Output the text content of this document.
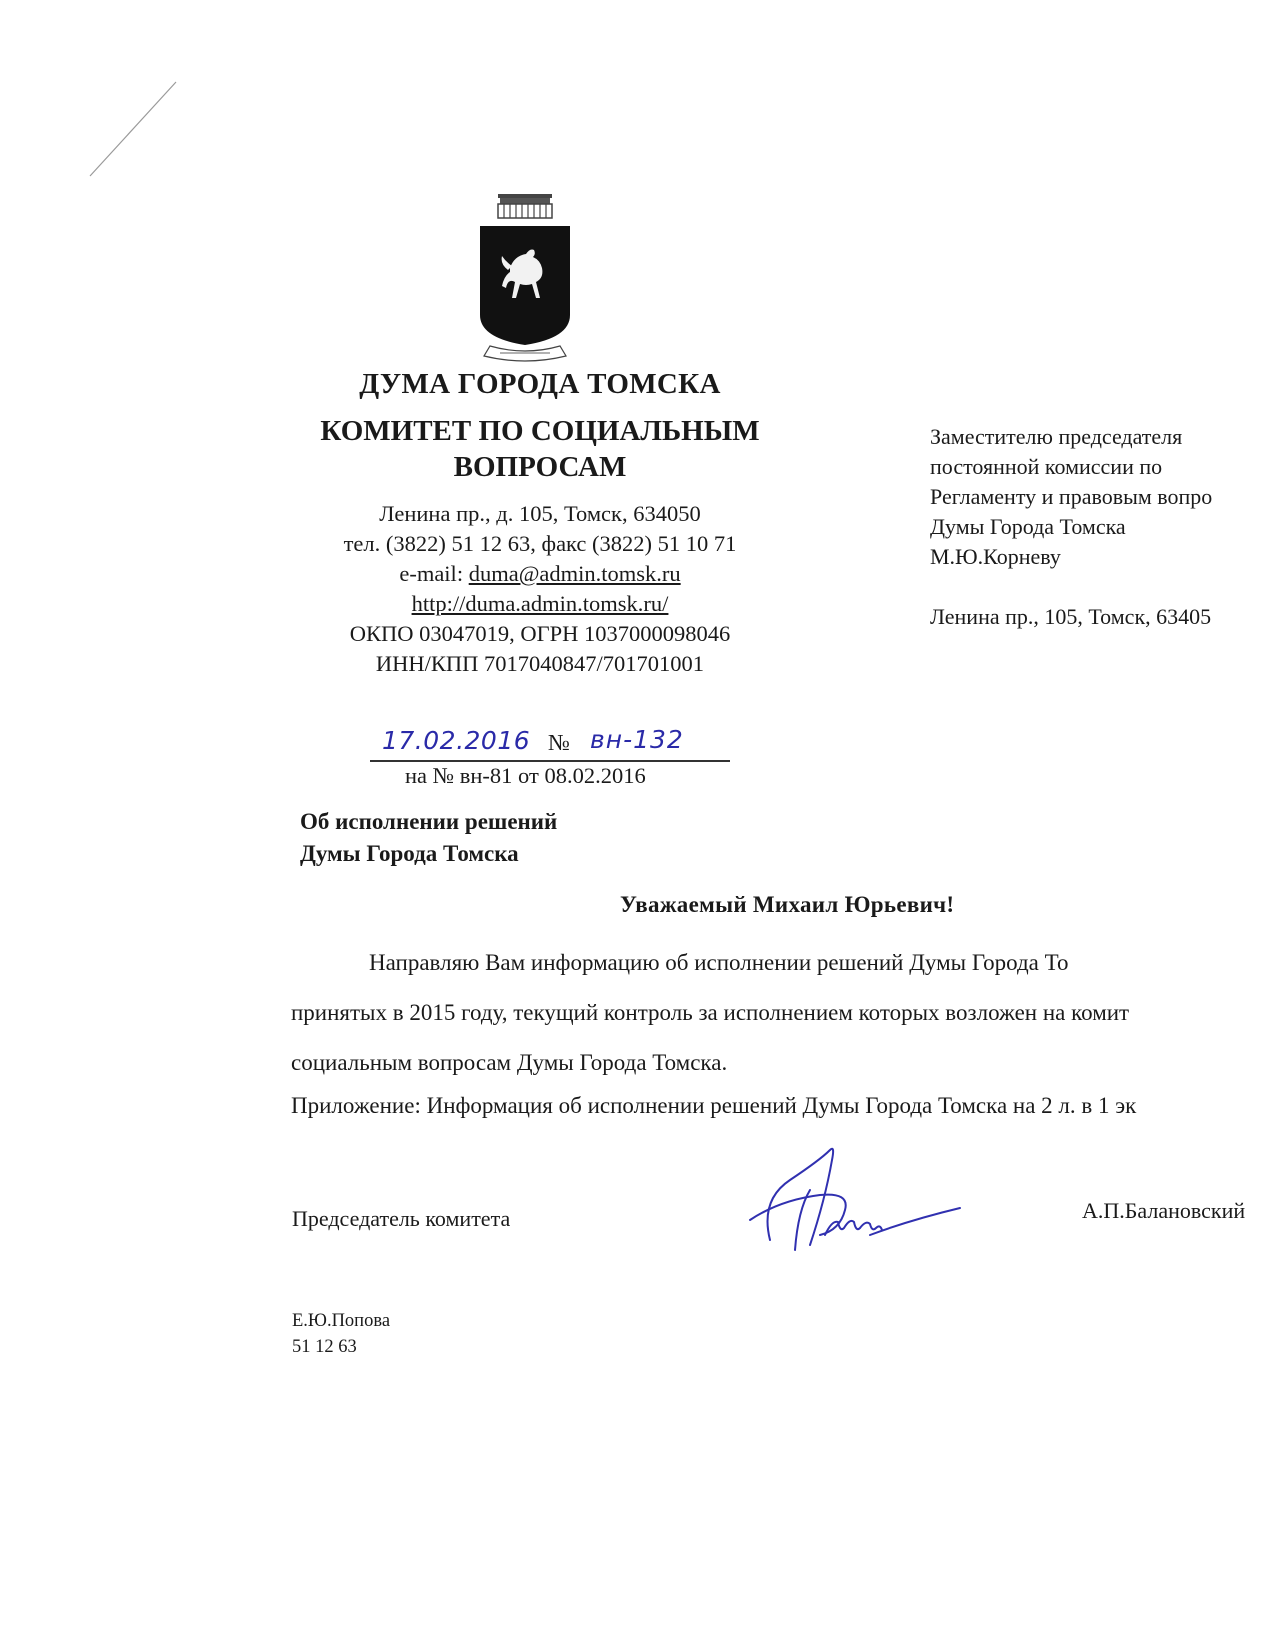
ДУМА ГОРОДА ТОМСКА
КОМИТЕТ ПО СОЦИАЛЬНЫМ
ВОПРОСАМ
Ленина пр., д. 105, Томск, 634050
тел. (3822) 51 12 63, факс (3822) 51 10 71
e-mail: duma@admin.tomsk.ru
http://duma.admin.tomsk.ru/
ОКПО 03047019, ОГРН 1037000098046
ИНН/КПП 7017040847/701701001
Заместителю председателя
постоянной комиссии по
Регламенту и правовым вопро
Думы Города Томска
М.Ю.Корневу
Ленина пр., 105, Томск, 63405
17.02.2016 № вн-132
на № вн-81 от 08.02.2016
Об исполнении решений
Думы Города Томска
Уважаемый Михаил Юрьевич!
Направляю Вам информацию об исполнении решений Думы Города То
принятых в 2015 году, текущий контроль за исполнением которых возложен на комит
социальным вопросам Думы Города Томска.
Приложение: Информация об исполнении решений Думы Города Томска на 2 л. в 1 эк
Председатель комитета	А.П.Балановский
Е.Ю.Попова
51 12 63
